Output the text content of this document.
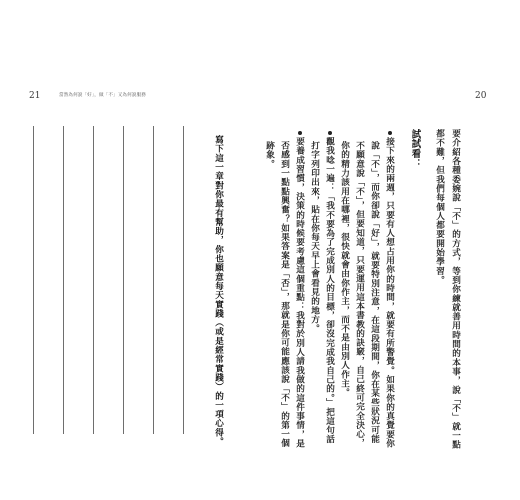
21	當然為何說「好」，做「不」又為何說服務
寫下這一章對你最有幫助，你也願意每天實踐（或是經常實踐）的一項心得。
20
要介紹各種委婉說「不」的方式，等到你練就善用時間的本事，說「不」就一點
都不難，但我們每個人都要開始學習。
試試看：
接下來的兩週，只要有人想占用你的時間，就要有所警覺。如果你的真覺要你
說「不」，而你卻說「好」，就要特別注意，在這段期間，你在某些狀況可能
不願意說「不」，但要知道，只要運用這本書教的訣竅，自己終可完全決心，
你的精力該用在哪裡，很快就會由你作主，而不是由別人作主。
觀我唸一遍：「我不要為了完成別人的目標，卻沒完成我自己的。」把這句話
打字列印出來，貼在你每天早上會看見的地方。
要養成習慣，決策的時候要考慮這個重點：我對於別人請我做的這件事情，是
否感到一點點興奮？如果答案是「否」，那就是你可能應該說「不」的第一個
跡象。
